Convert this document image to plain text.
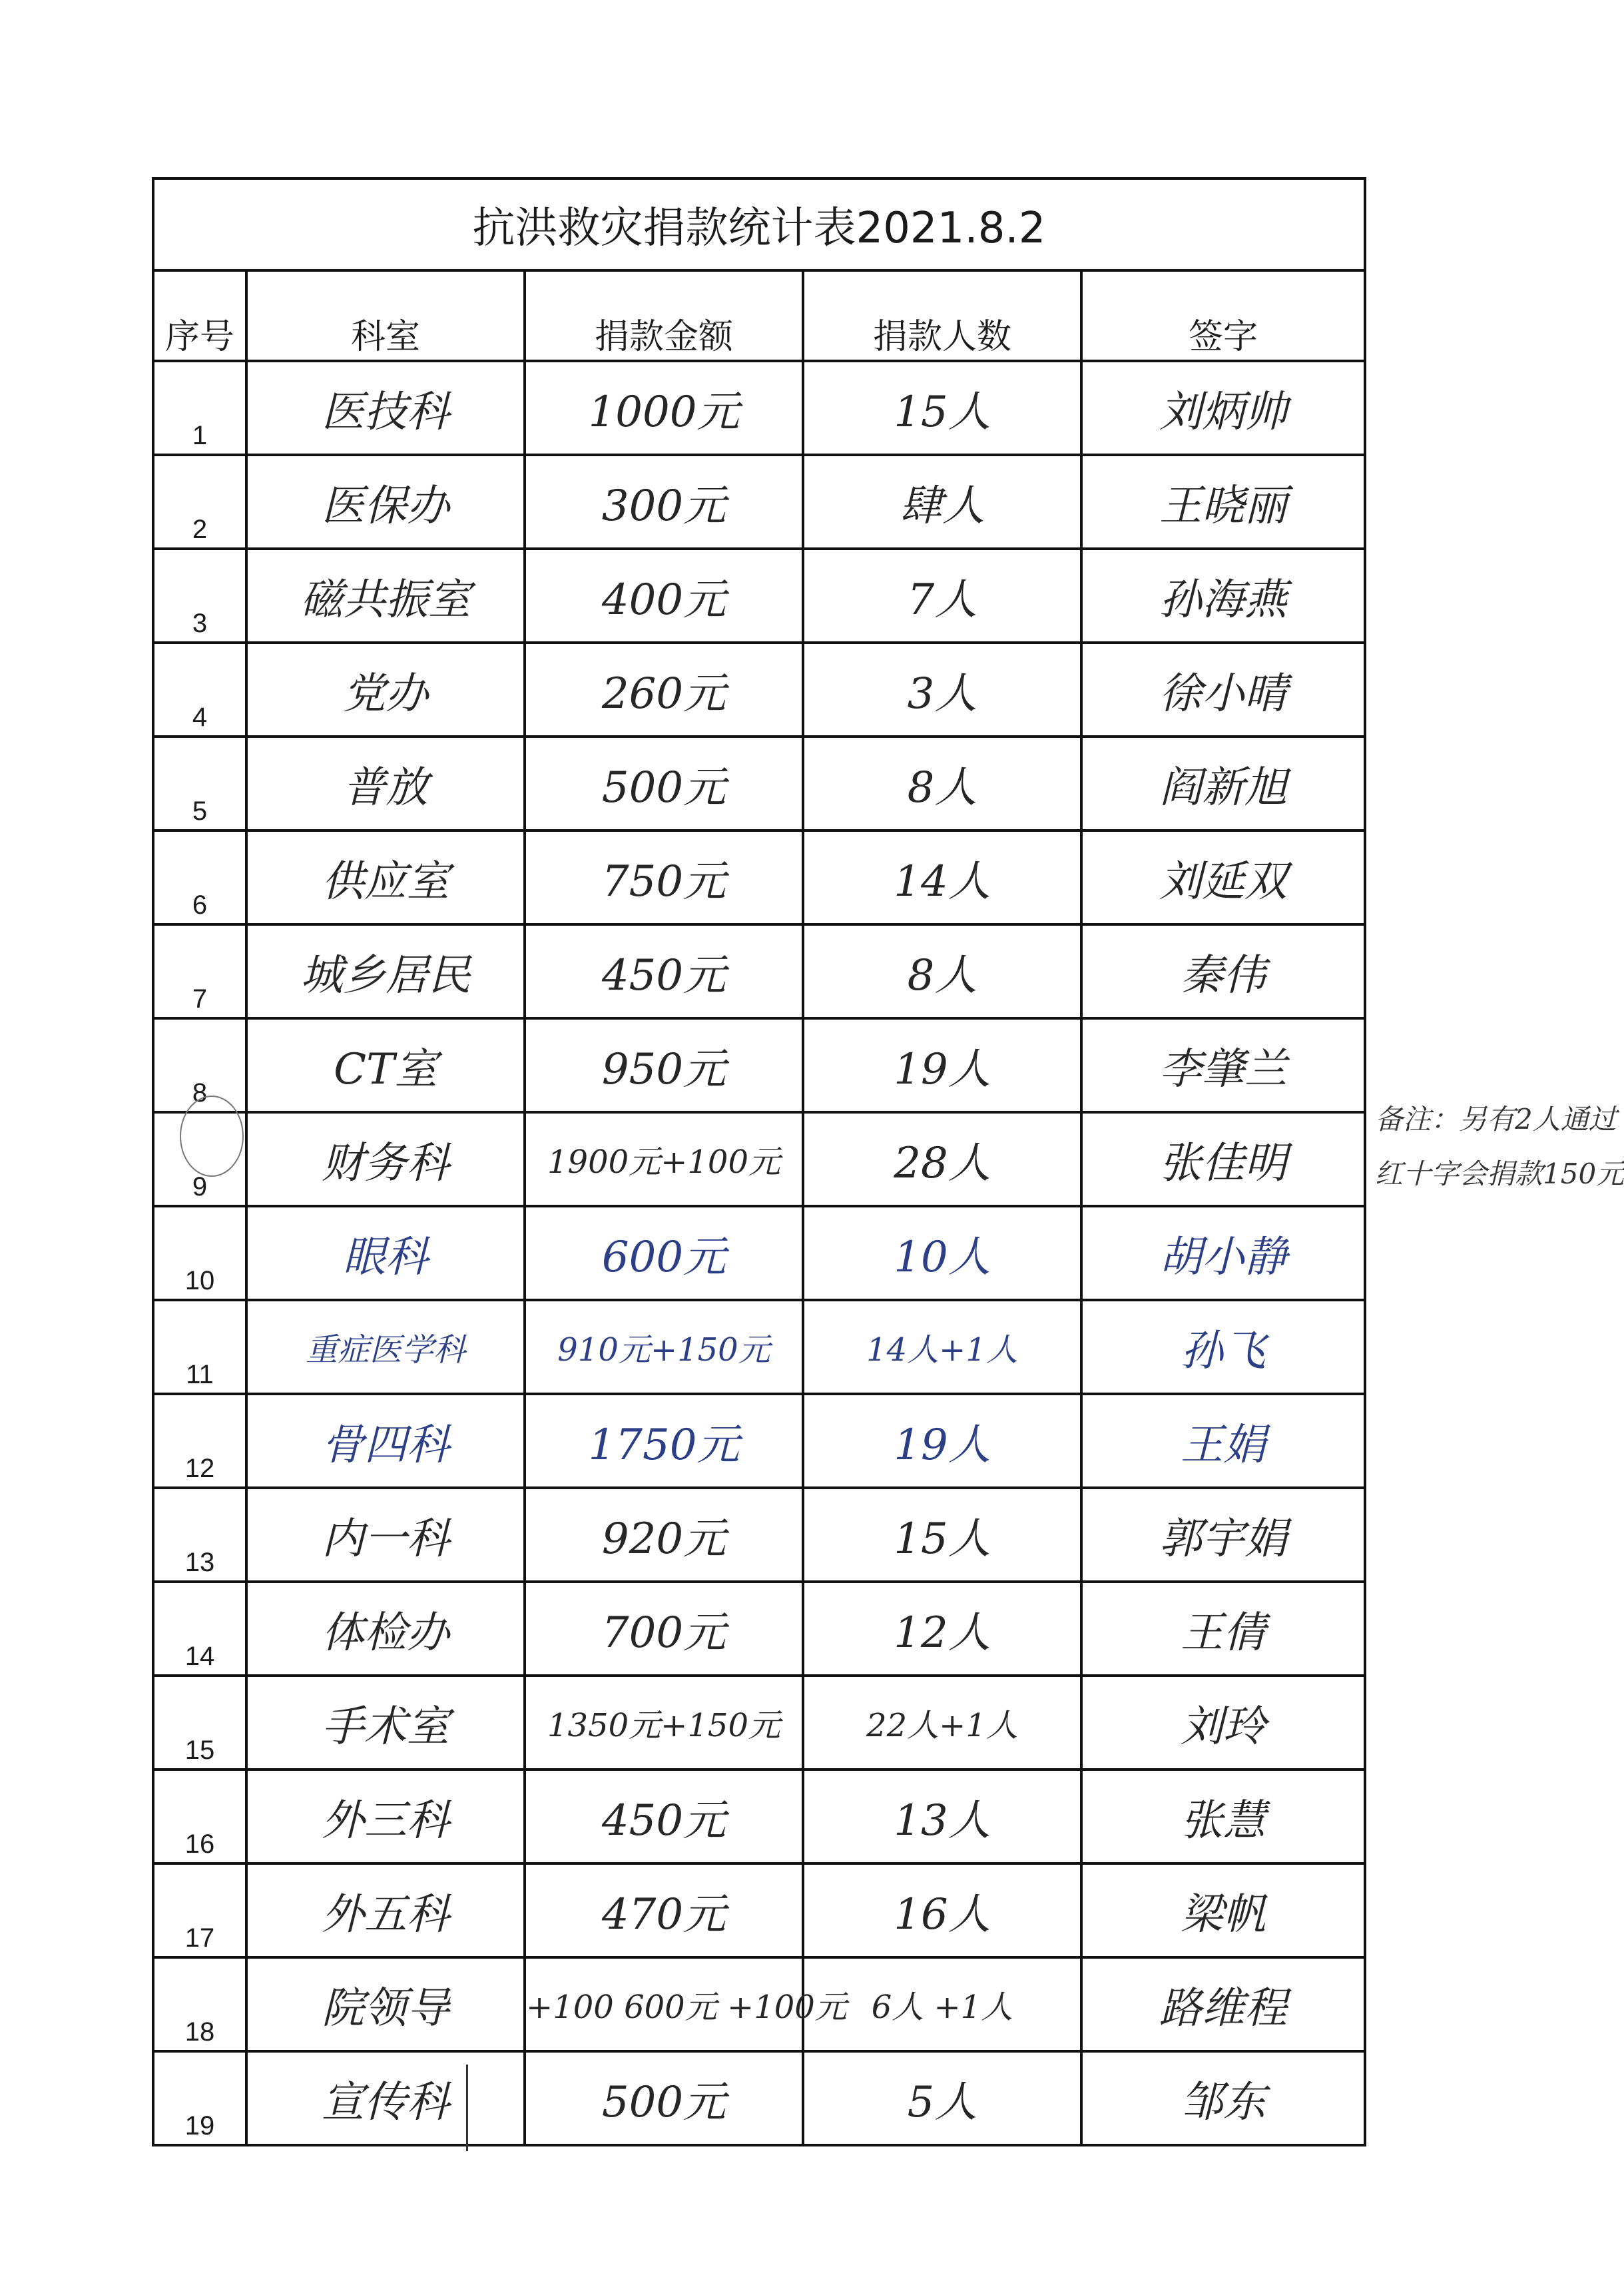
抗洪救灾捐款统计表2021.8.2				
序号	科室	捐款金额	捐款人数	签字
1	医技科	1000元	15人	刘炳帅
2	医保办	300元	肆人	王晓丽
3	磁共振室	400元	7人	孙海燕
4	党办	260元	3人	徐小晴
5	普放	500元	8人	阎新旭
6	供应室	750元	14人	刘延双
7	城乡居民	450元	8人	秦伟
8	CT室	950元	19人	李肇兰
9	财务科	1900元+100元	28人	张佳明
10	眼科	600元	10人	胡小静
11	重症医学科	910元+150元	14人+1人	孙飞
12	骨四科	1750元	19人	王娟
13	内一科	920元	15人	郭宇娟
14	体检办	700元	12人	王倩
15	手术室	1350元+150元	22人+1人	刘玲
16	外三科	450元	13人	张慧
17	外五科	470元	16人	梁帆
18	院领导	+100 600元 +100元	6人 +1人	路维程
19	宣传科	500元	5人	邹东
备注：另有2人通过
红十字会捐款150元
